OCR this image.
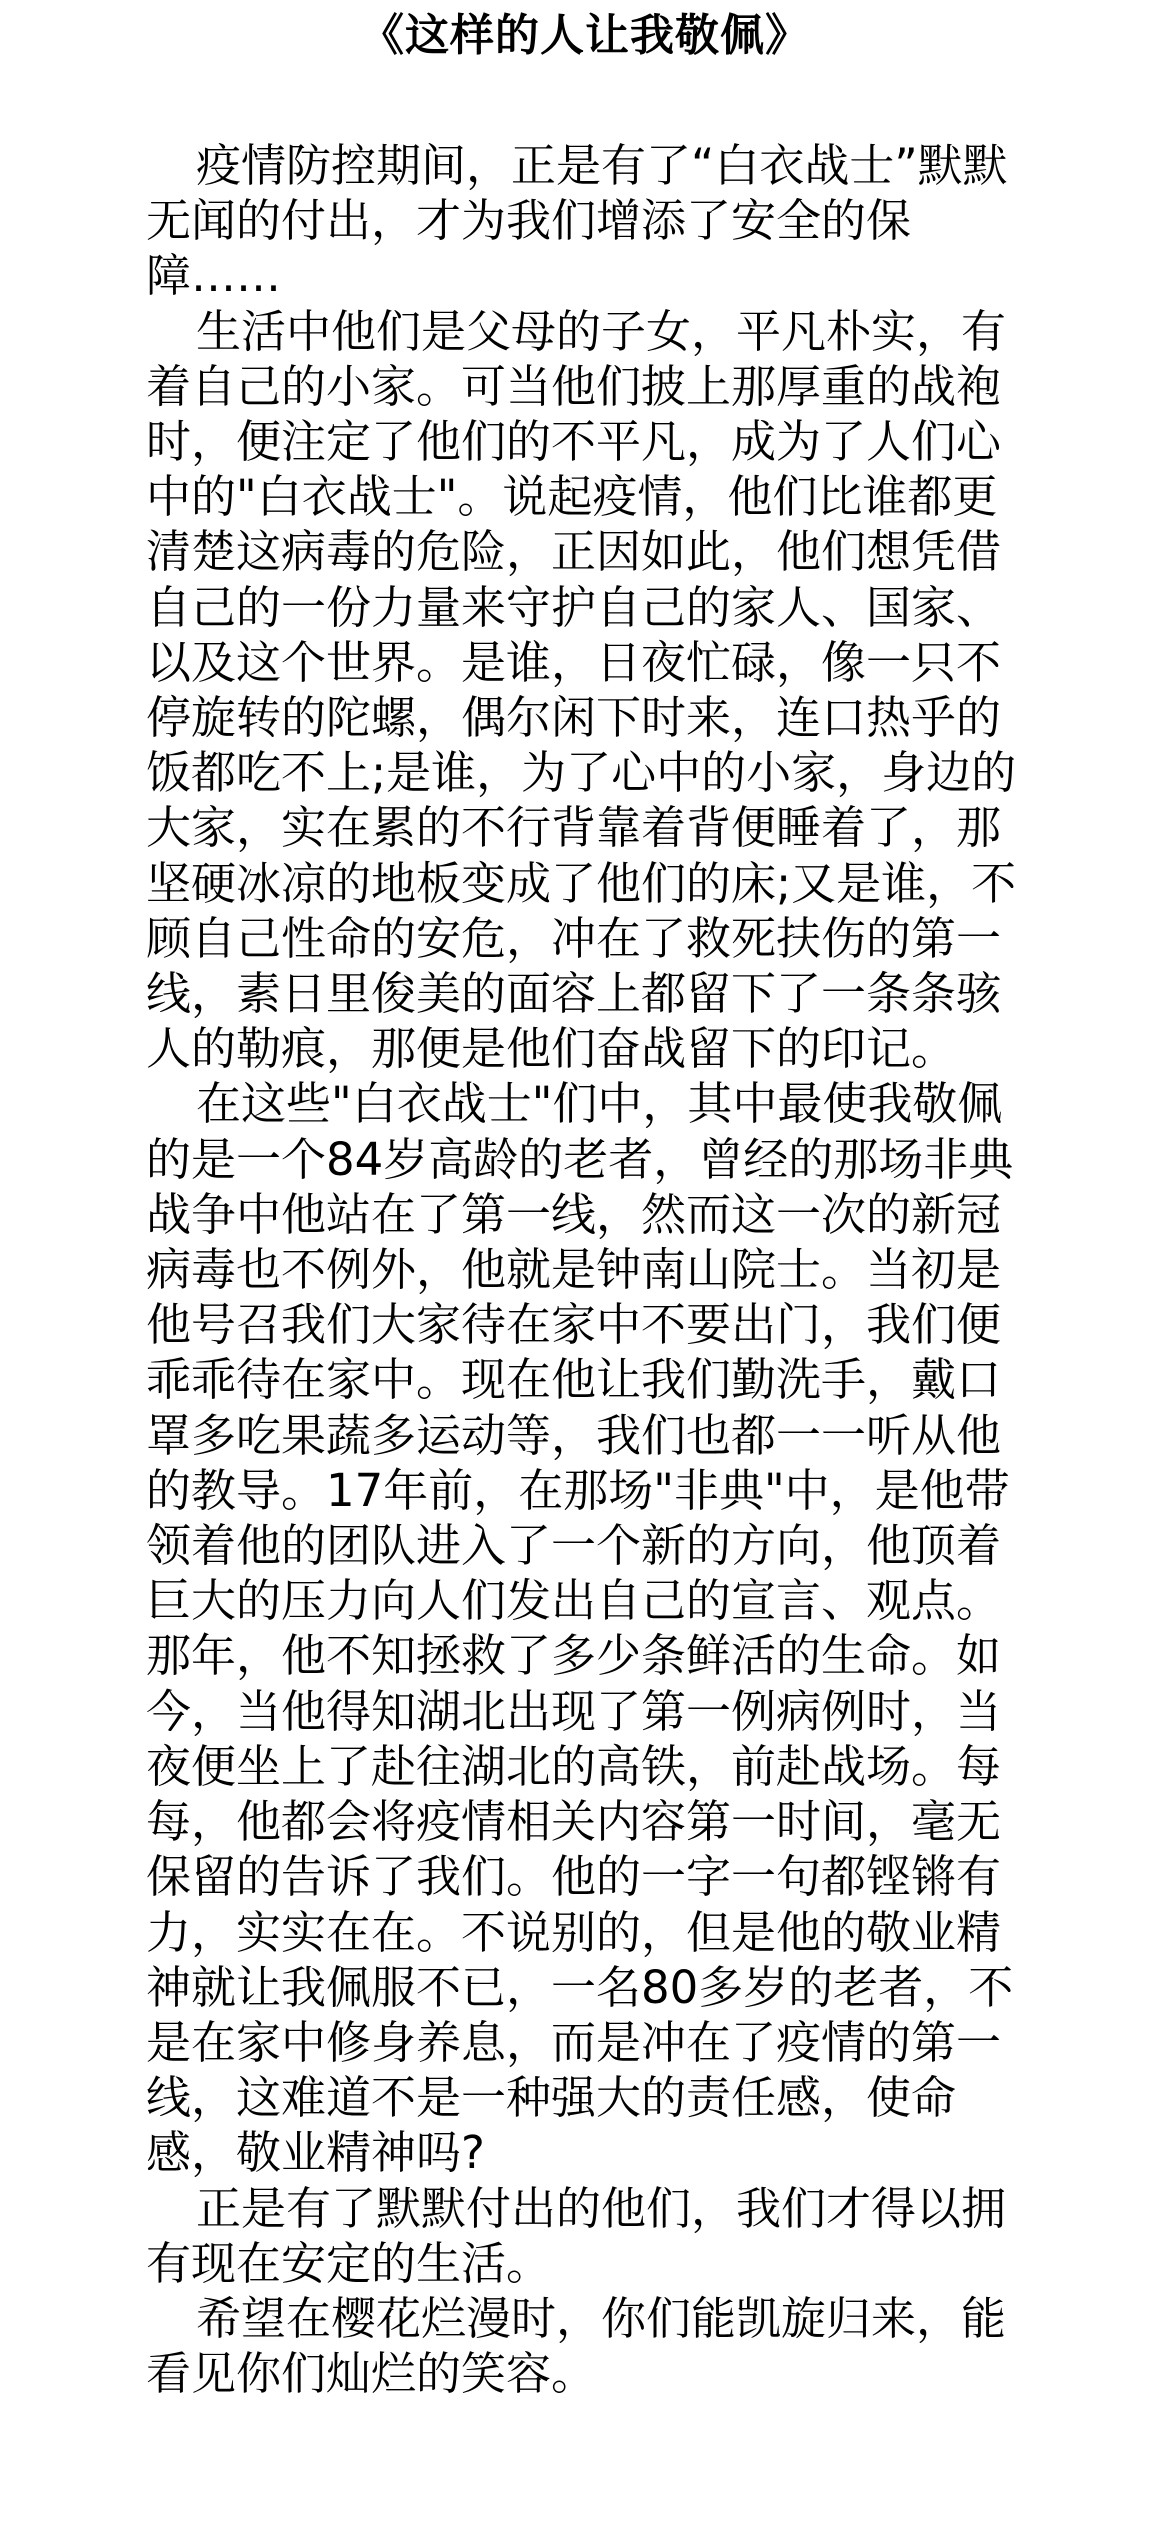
《这样的人让我敬佩》

疫情防控期间，正是有了“白衣战士”默默无闻的付出，才为我们增添了安全的保障……

生活中他们是父母的子女，平凡朴实，有着自己的小家。可当他们披上那厚重的战袍时，便注定了他们的不平凡，成为了人们心中的"白衣战士"。说起疫情，他们比谁都更清楚这病毒的危险，正因如此，他们想凭借自己的一份力量来守护自己的家人、国家、以及这个世界。是谁，日夜忙碌，像一只不停旋转的陀螺，偶尔闲下时来，连口热乎的饭都吃不上;是谁，为了心中的小家，身边的大家，实在累的不行背靠着背便睡着了，那坚硬冰凉的地板变成了他们的床;又是谁，不顾自己性命的安危，冲在了救死扶伤的第一线，素日里俊美的面容上都留下了一条条骇人的勒痕，那便是他们奋战留下的印记。

在这些"白衣战士"们中，其中最使我敬佩的是一个84岁高龄的老者，曾经的那场非典战争中他站在了第一线，然而这一次的新冠病毒也不例外，他就是钟南山院士。当初是他号召我们大家待在家中不要出门，我们便乖乖待在家中。现在他让我们勤洗手，戴口罩多吃果蔬多运动等，我们也都一一听从他的教导。17年前，在那场"非典"中，是他带领着他的团队进入了一个新的方向，他顶着巨大的压力向人们发出自己的宣言、观点。那年，他不知拯救了多少条鲜活的生命。如今，当他得知湖北出现了第一例病例时，当夜便坐上了赴往湖北的高铁，前赴战场。每每，他都会将疫情相关内容第一时间，毫无保留的告诉了我们。他的一字一句都铿锵有力，实实在在。不说别的，但是他的敬业精神就让我佩服不已，一名80多岁的老者，不是在家中修身养息，而是冲在了疫情的第一线，这难道不是一种强大的责任感，使命感，敬业精神吗?

正是有了默默付出的他们，我们才得以拥有现在安定的生活。

希望在樱花烂漫时，你们能凯旋归来，能看见你们灿烂的笑容。
